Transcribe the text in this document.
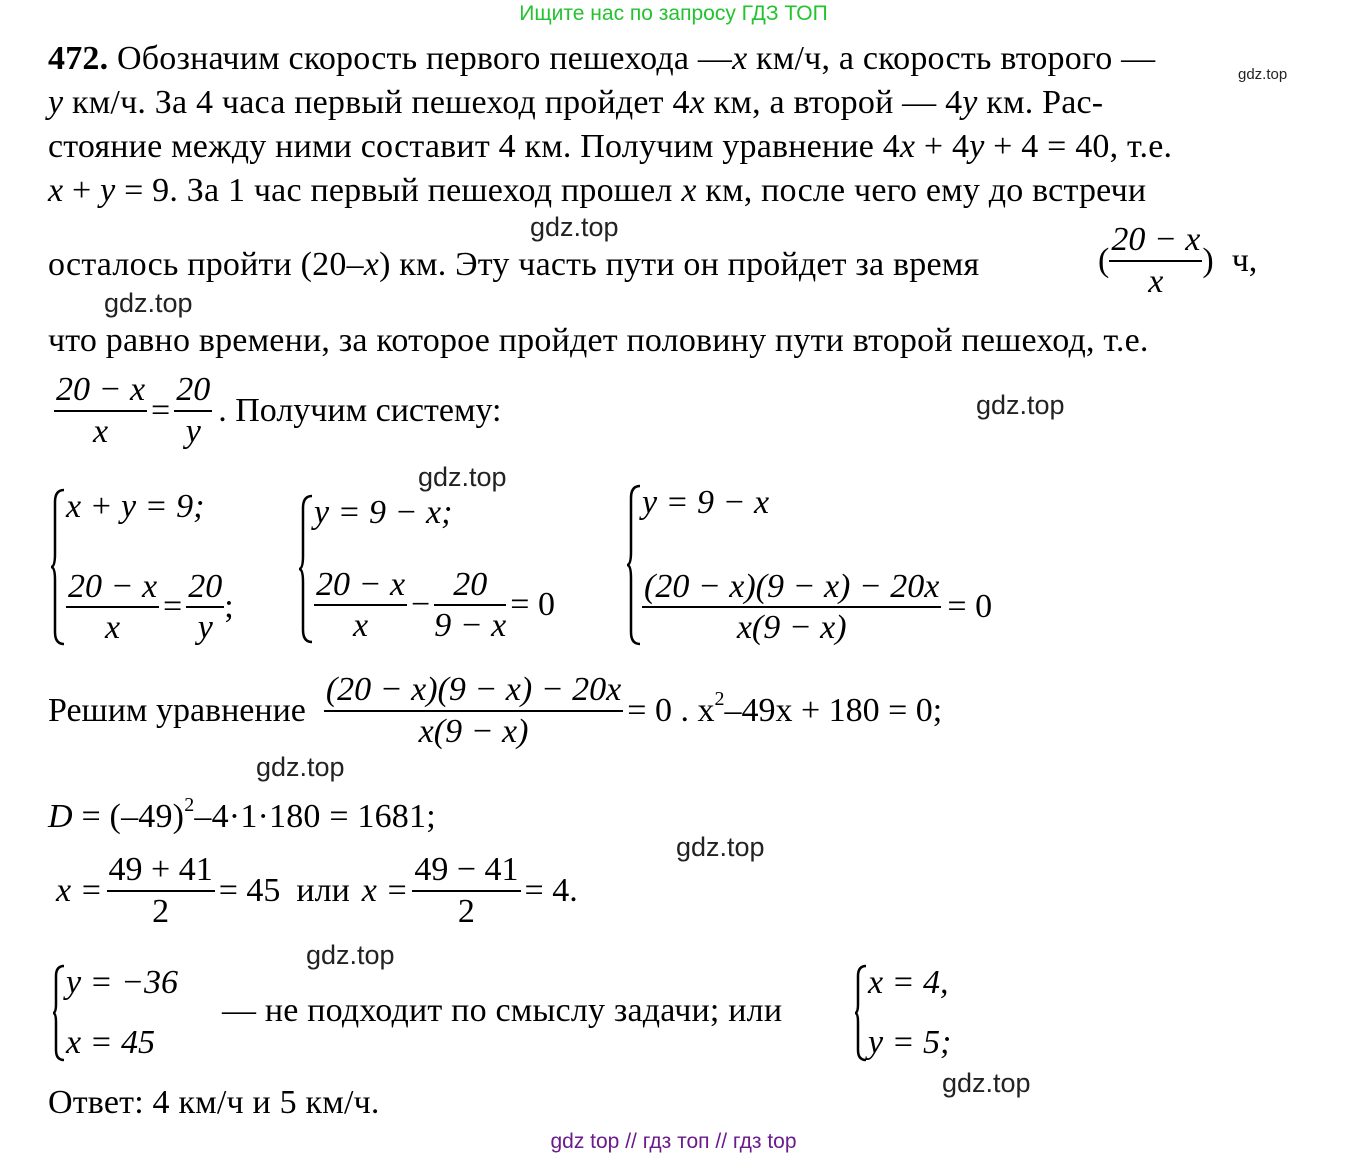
Ищите нас по запросу ГДЗ ТОП
472. Обозначим скорость первого пешехода —x км/ч, а скорость второго —	gdz.top
y км/ч. За 4 часа первый пешеход пройдет 4x км, а второй — 4y км. Рас-
стояние между ними составит 4 км. Получим уравнение 4x + 4y + 4 = 40, т.е.
x + y = 9. За 1 час первый пешеход прошел x км, после чего ему до встречи
gdz.top
осталось пройти (20–x) км. Эту часть пути он пройдет за время	( $\frac{20 - x}{x}$ ) ч,
gdz.top
что равно времени, за которое пройдет половину пути второй пешеход, т.е.
$\frac{20 - x}{x} = \frac{20}{y}$ . Получим систему:	gdz.top
gdz.top
x + y = 9;
$\frac{20 - x}{x} = \frac{20}{y}$ ;
y = 9 − x;
$\frac{20 - x}{x} - \frac{20}{9 - x} = 0$
y = 9 − x
$\frac{(20 - x)(9 - x) - 20x}{x(9 - x)} = 0$
Решим уравнение $\frac{(20 - x)(9 - x) - 20x}{x(9 - x)} = 0$ . $x^2-49x + 180 = 0$;
gdz.top
$D = (-49)^2-4\cdot 1\cdot 180 = 1681$;
gdz.top
$x = \frac{49 + 41}{2} = 45$ или $x = \frac{49 - 41}{2} = 4$.
gdz.top
y = −36
x = 45
— не подходит по смыслу задачи; или
x = 4,
y = 5;
gdz.top
Ответ: 4 км/ч и 5 км/ч.
gdz top // гдз топ // гдз top
